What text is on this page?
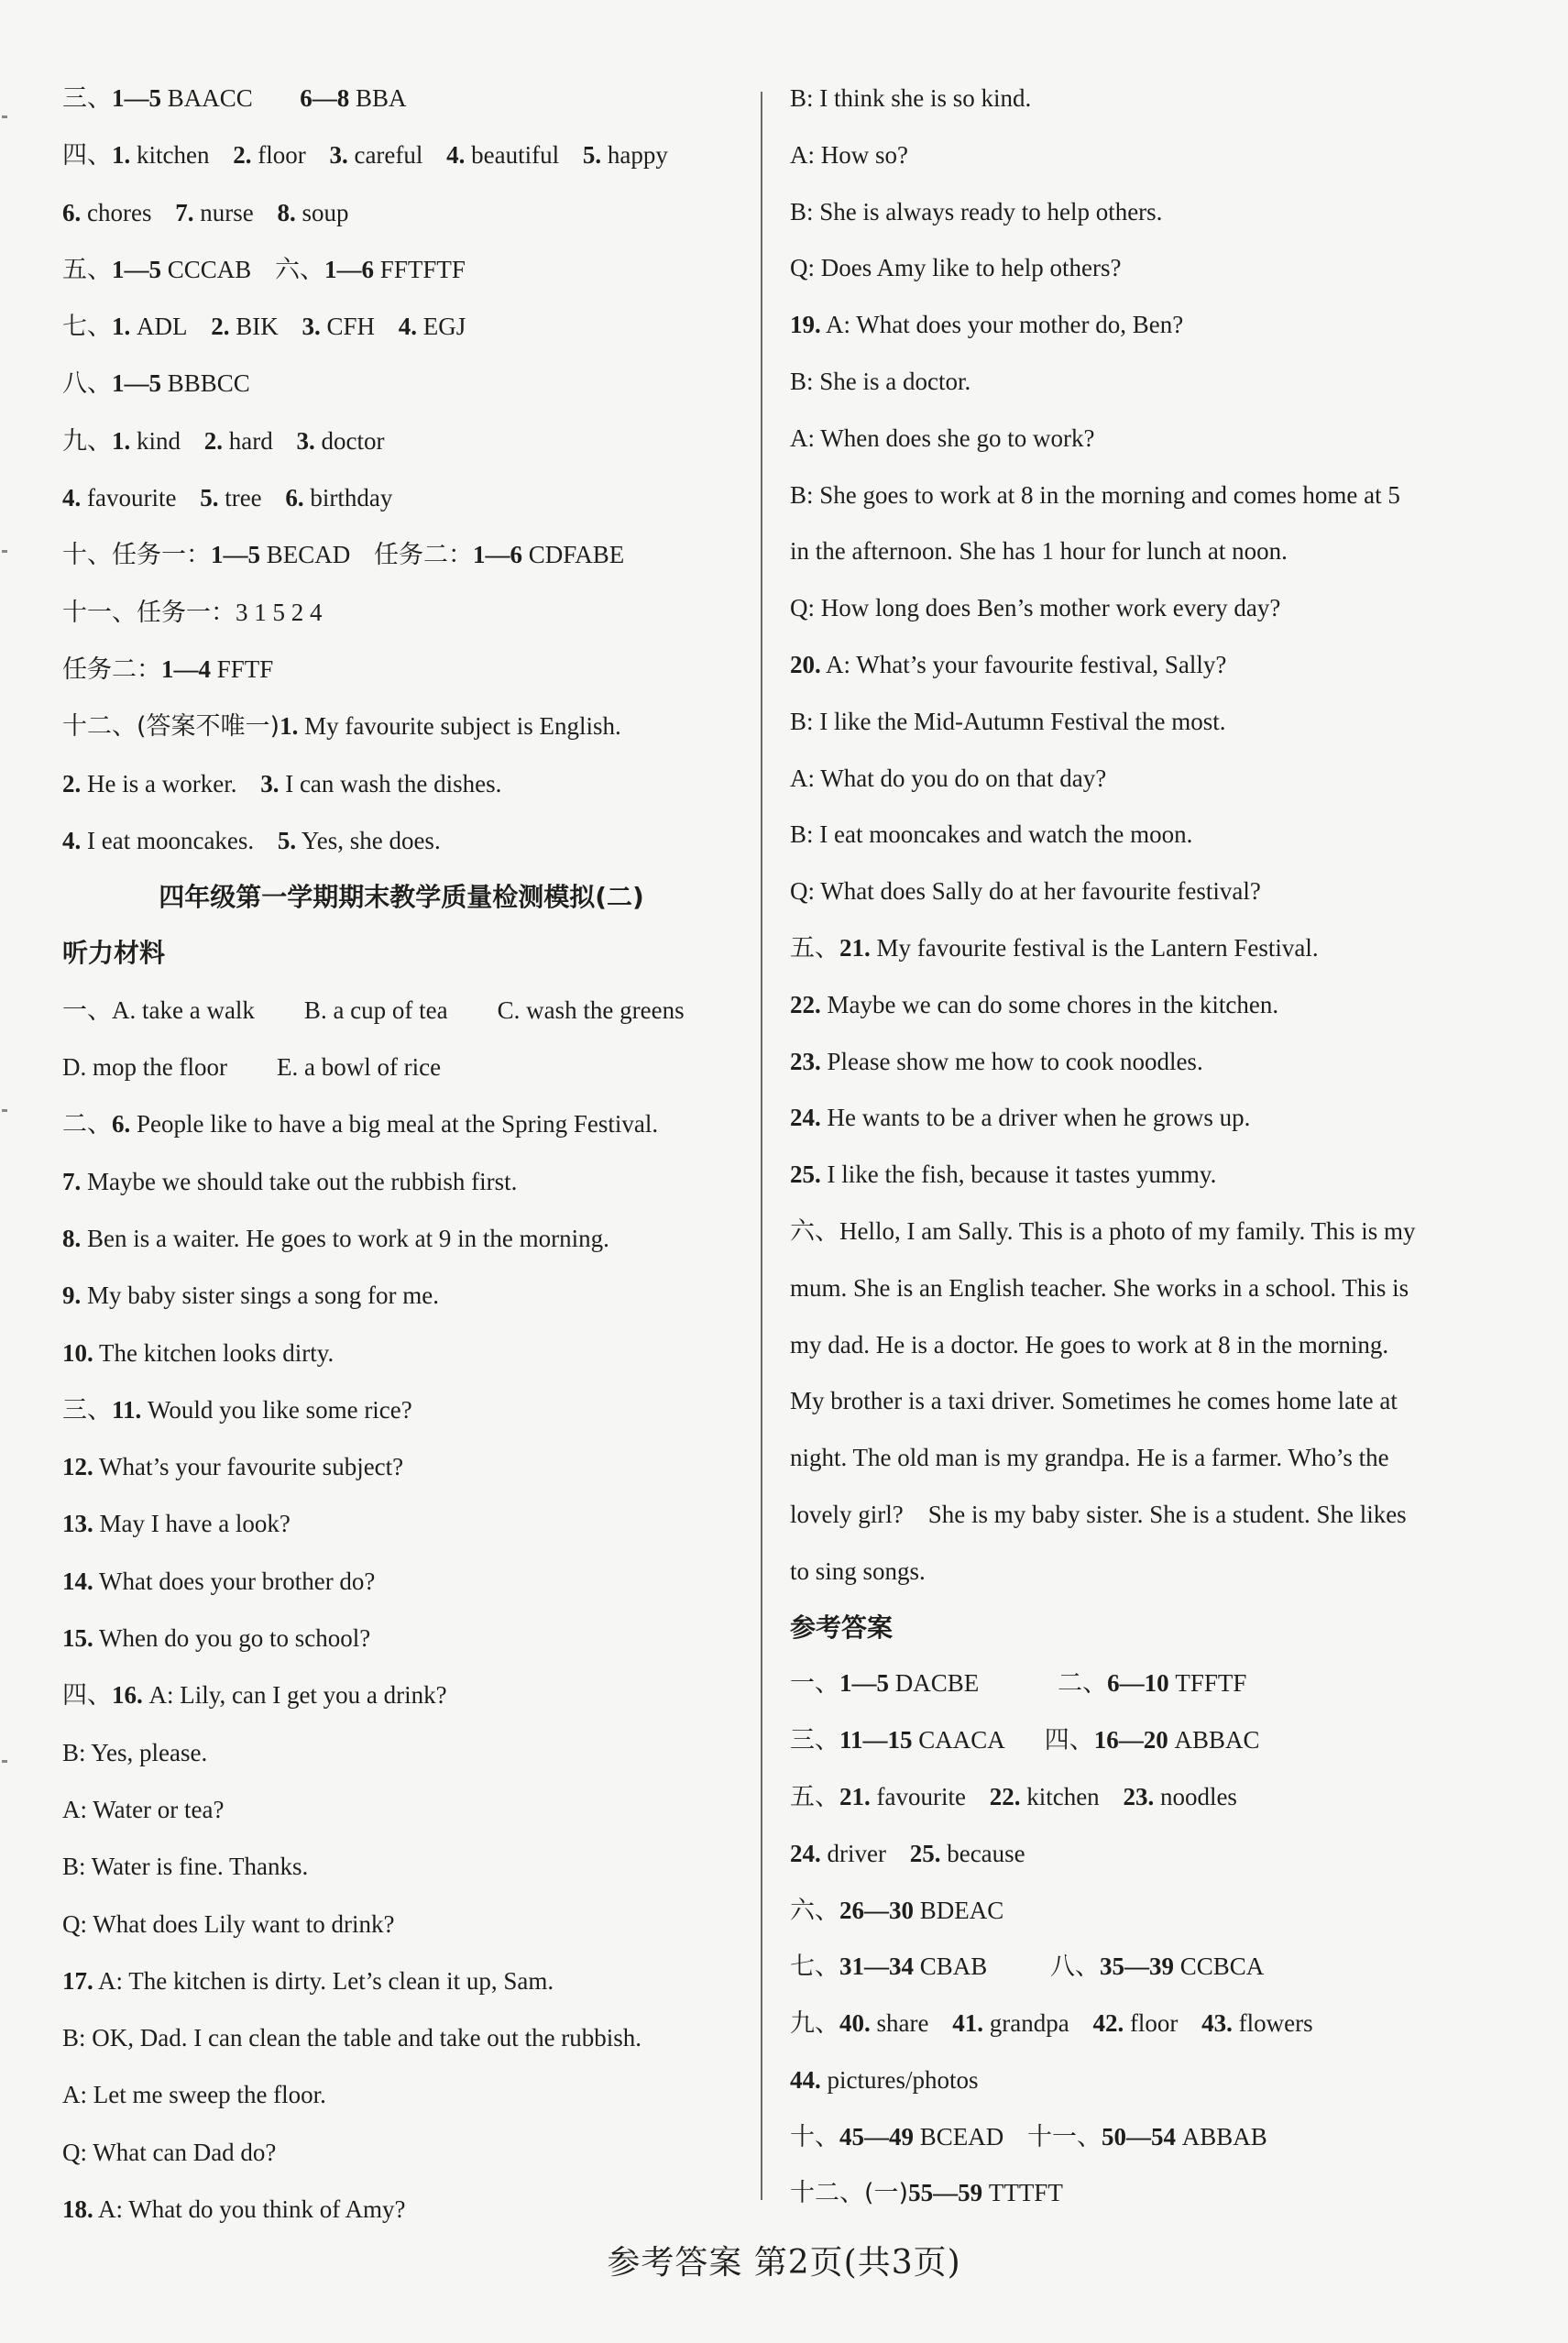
三、1—5 BAACC 6—8 BBA
四、1. kitchen 2. floor 3. careful 4. beautiful 5. happy
6. chores 7. nurse 8. soup
五、1—5 CCCAB   六、1—6 FFTFTF
七、1. ADL 2. BIK 3. CFH 4. EGJ
八、1—5 BBBCC
九、1. kind 2. hard 3. doctor
4. favourite 5. tree 6. birthday
十、任务一：1—5 BECAD   任务二：1—6 CDFABE
十一、任务一：3 1 5 2 4
任务二：1—4 FFTF
十二、(答案不唯一)1. My favourite subject is English.
2. He is a worker. 3. I can wash the dishes.
4. I eat mooncakes. 5. Yes, she does.
四年级第一学期期末教学质量检测模拟(二)
听力材料
一、A. take a walk        B. a cup of tea        C. wash the greens
D. mop the floor        E. a bowl of rice
二、6. People like to have a big meal at the Spring Festival.
7. Maybe we should take out the rubbish first.
8. Ben is a waiter. He goes to work at 9 in the morning.
9. My baby sister sings a song for me.
10. The kitchen looks dirty.
三、11. Would you like some rice?
12. What’s your favourite subject?
13. May I have a look?
14. What does your brother do?
15. When do you go to school?
四、16. A: Lily, can I get you a drink?
B: Yes, please.
A: Water or tea?
B: Water is fine. Thanks.
Q: What does Lily want to drink?
17. A: The kitchen is dirty. Let’s clean it up, Sam.
B: OK, Dad. I can clean the table and take out the rubbish.
A: Let me sweep the floor.
Q: What can Dad do?
18. A: What do you think of Amy?
B: I think she is so kind.
A: How so?
B: She is always ready to help others.
Q: Does Amy like to help others?
19. A: What does your mother do, Ben?
B: She is a doctor.
A: When does she go to work?
B: She goes to work at 8 in the morning and comes home at 5
in the afternoon. She has 1 hour for lunch at noon.
Q: How long does Ben’s mother work every day?
20. A: What’s your favourite festival, Sally?
B: I like the Mid-Autumn Festival the most.
A: What do you do on that day?
B: I eat mooncakes and watch the moon.
Q: What does Sally do at her favourite festival?
五、21. My favourite festival is the Lantern Festival.
22. Maybe we can do some chores in the kitchen.
23. Please show me how to cook noodles.
24. He wants to be a driver when he grows up.
25. I like the fish, because it tastes yummy.
六、Hello, I am Sally. This is a photo of my family. This is my
mum. She is an English teacher. She works in a school. This is
my dad. He is a doctor. He goes to work at 8 in the morning.
My brother is a taxi driver. Sometimes he comes home late at
night. The old man is my grandpa. He is a farmer. Who’s the
lovely girl?    She is my baby sister. She is a student. She likes
to sing songs.
参考答案
一、1—5 DACBE          二、6—10 TFFTF
三、11—15 CAACA     四、16—20 ABBAC
五、21. favourite 22. kitchen 23. noodles
24. driver 25. because
六、26—30 BDEAC
七、31—34 CBAB        八、35—39 CCBCA
九、40. share 41. grandpa 42. floor 43. flowers
44. pictures/photos
十、45—49 BCEAD   十一、50—54 ABBAB
十二、(一)55—59 TTTFT
参考答案 第2页(共3页)
